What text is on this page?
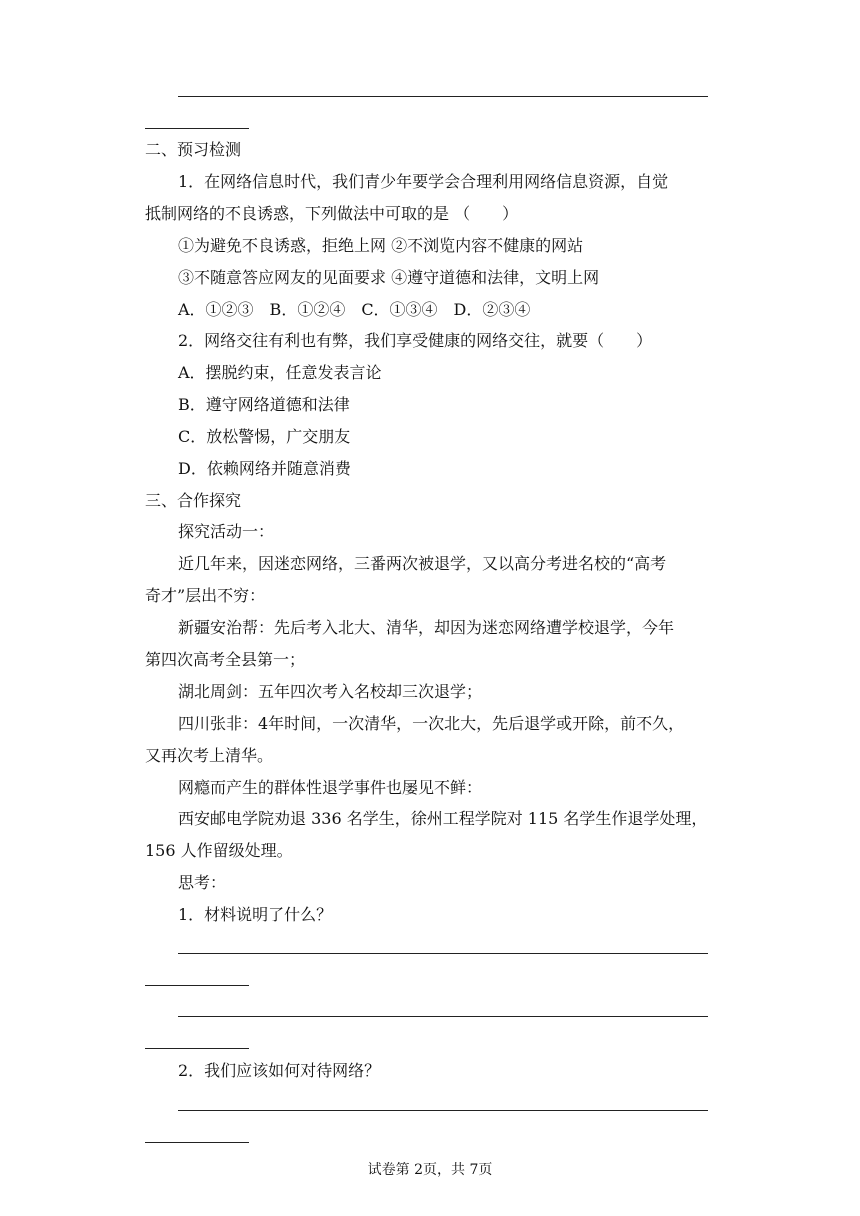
二、预习检测
1．在网络信息时代，我们青少年要学会合理利用网络信息资源，自觉
抵制网络的不良诱惑，下列做法中可取的是 （　　）
①为避免不良诱惑，拒绝上网 ②不浏览内容不健康的网站
③不随意答应网友的见面要求 ④遵守道德和法律，文明上网
A．①②③　B．①②④　C．①③④　D．②③④
2．网络交往有利也有弊，我们享受健康的网络交往，就要（　　）
A．摆脱约束，任意发表言论
B．遵守网络道德和法律
C．放松警惕，广交朋友
D．依赖网络并随意消费
三、合作探究
探究活动一：
近几年来，因迷恋网络，三番两次被退学，又以高分考进名校的“高考
奇才”层出不穷：
新疆安治帮：先后考入北大、清华，却因为迷恋网络遭学校退学，今年
第四次高考全县第一；
湖北周剑：五年四次考入名校却三次退学；
四川张非：4年时间，一次清华，一次北大，先后退学或开除，前不久，
又再次考上清华。
网瘾而产生的群体性退学事件也屡见不鲜：
西安邮电学院劝退 336 名学生，徐州工程学院对 115 名学生作退学处理，
156 人作留级处理。
思考：
1．材料说明了什么？
2．我们应该如何对待网络？
试卷第 2页，共 7页
